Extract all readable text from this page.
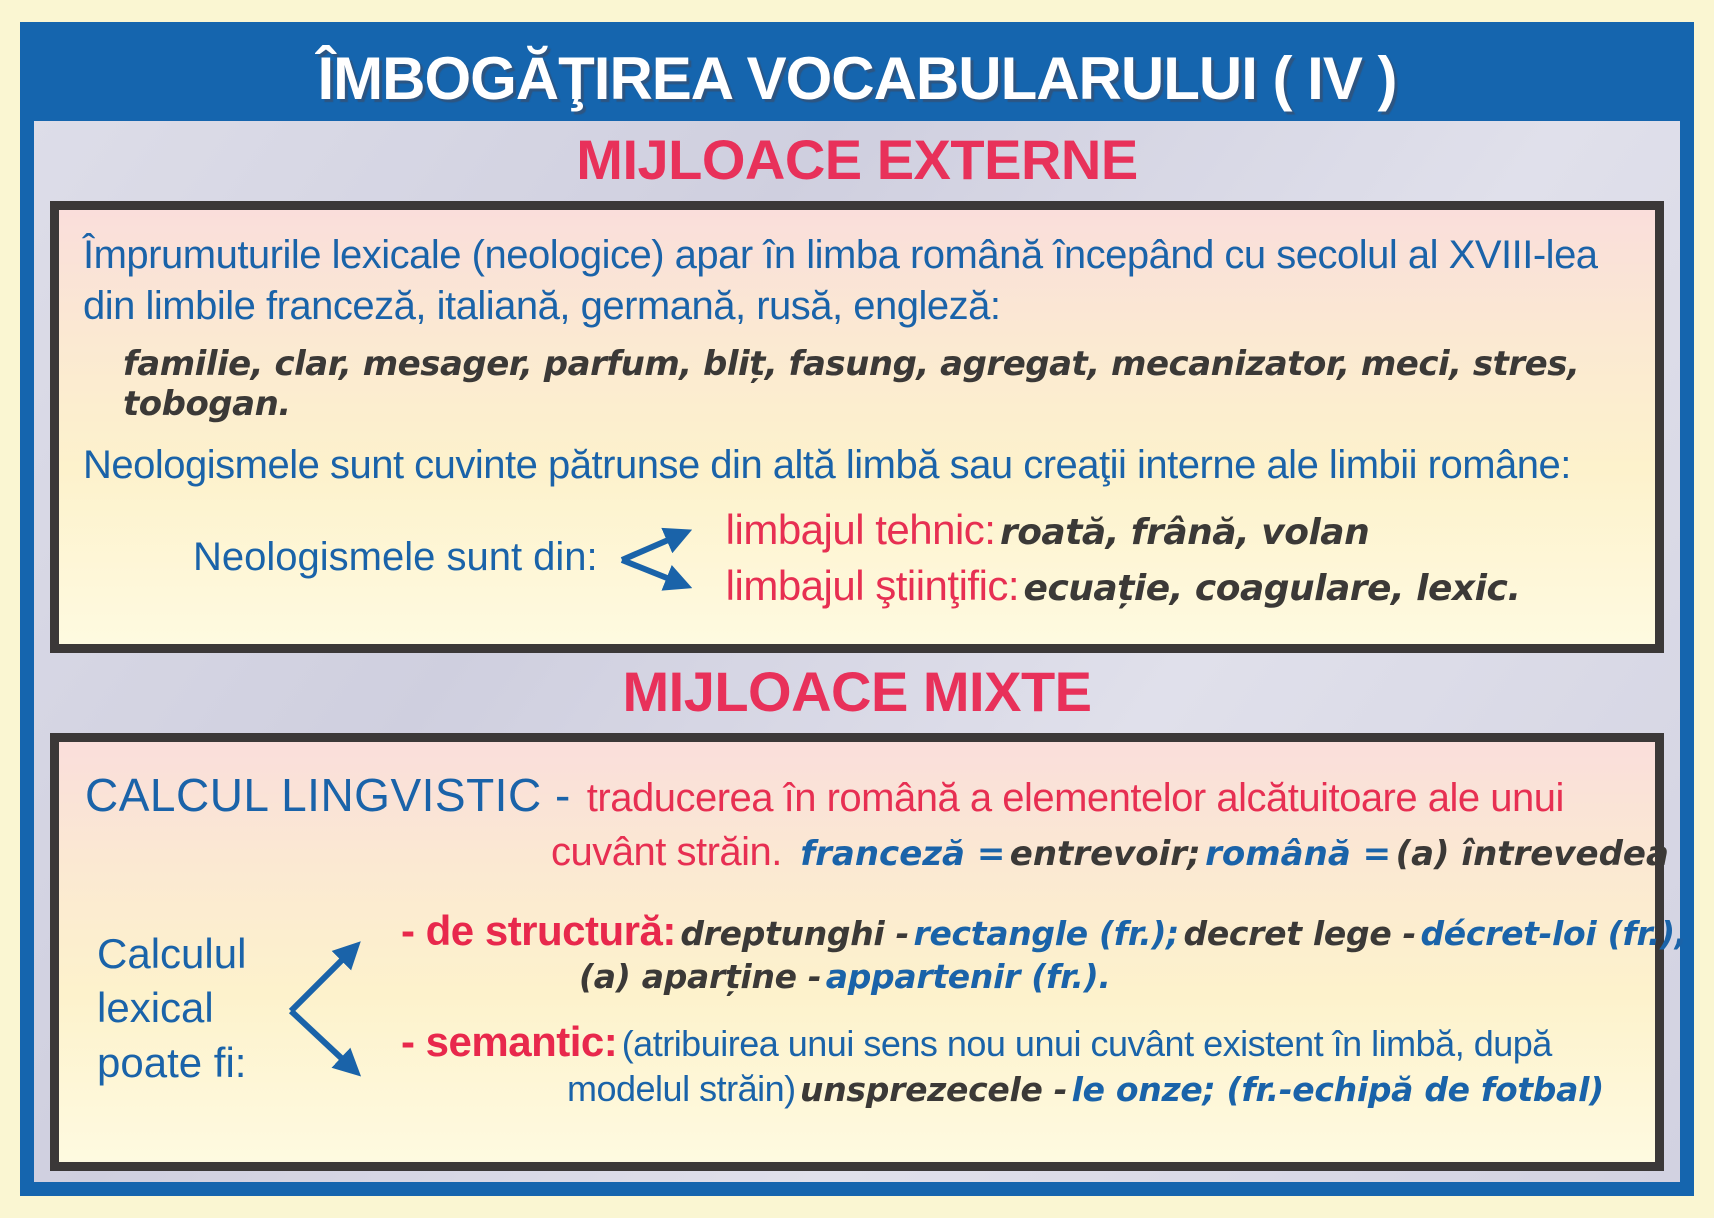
ÎMBOGĂŢIREA VOCABULARULUI ( IV )
MIJLOACE EXTERNE

Împrumuturile lexicale (neologice) apar în limba română începând cu secolul al XVIII-lea din limbile franceză, italiană, germană, rusă, engleză:

familie, clar, mesager, parfum, bliț, fasung, agregat, mecanizator, meci, stres, tobogan.

Neologismele sunt cuvinte pătrunse din altă limbă sau creaţii interne ale limbii române:

Neologismele sunt din:
limbajul tehnic: roată, frână, volan
limbajul ştiinţific: ecuație, coagulare, lexic.
MIJLOACE MIXTE
CALCUL LINGVISTIC - traducerea în română a elementelor alcătuitoare ale unui
cuvânt străin. franceză = entrevoir; română = (a) întrevedea
Calculul
lexical
poate fi:
- de structură: dreptunghi - rectangle (fr.); decret lege - décret-loi (fr.),
(a) aparține - appartenir (fr.).
- semantic: (atribuirea unui sens nou unui cuvânt existent în limbă, după
modelul străin) unsprezecele - le onze; (fr.-echipă de fotbal)
